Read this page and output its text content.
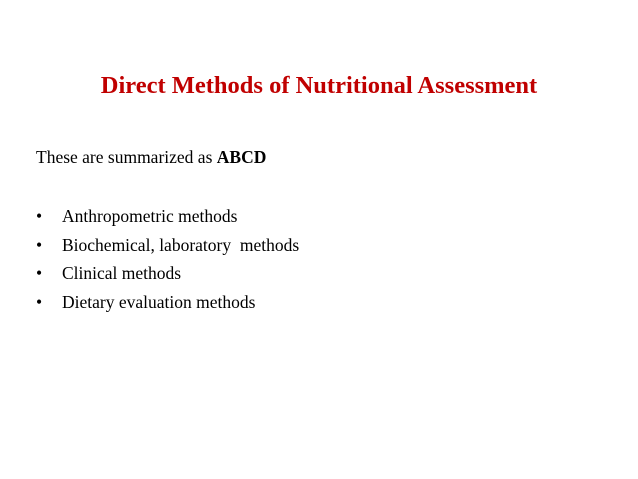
Direct Methods of Nutritional Assessment
These are summarized as ABCD
•	Anthropometric methods
•	Biochemical, laboratory  methods
•	Clinical methods
•	Dietary evaluation methods
